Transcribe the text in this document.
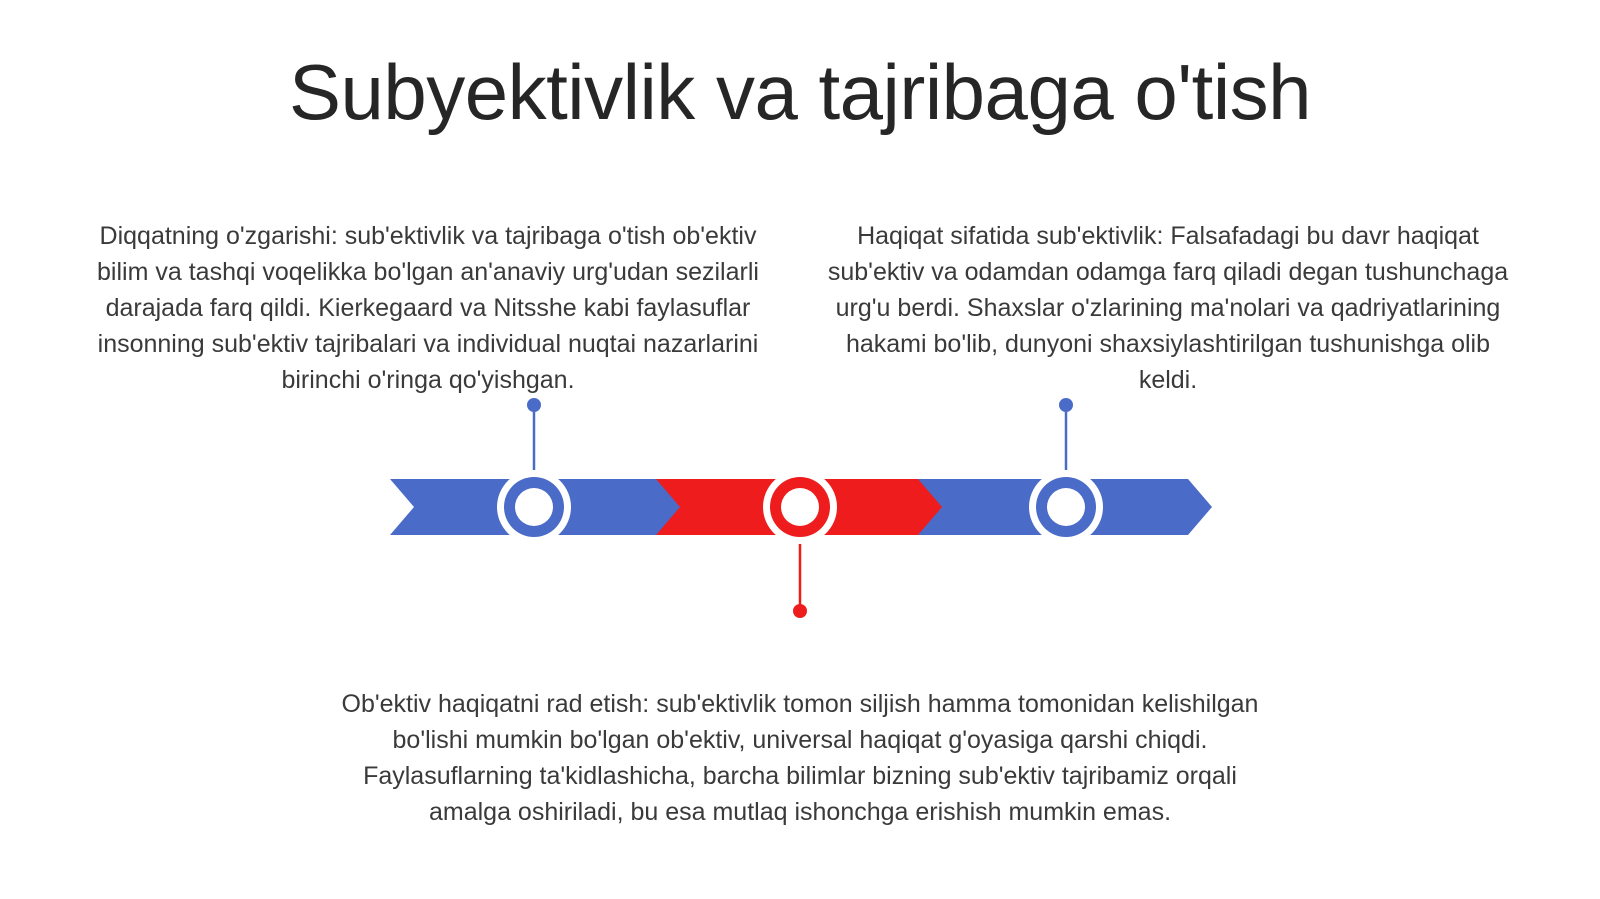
Subyektivlik va tajribaga o'tish

Diqqatning o'zgarishi: sub'ektivlik va tajribaga o'tish ob'ektiv bilim va tashqi voqelikka bo'lgan an'anaviy urg'udan sezilarli darajada farq qildi. Kierkegaard va Nitsshe kabi faylasuflar insonning sub'ektiv tajribalari va individual nuqtai nazarlarini birinchi o'ringa qo'yishgan.

Haqiqat sifatida sub'ektivlik: Falsafadagi bu davr haqiqat sub'ektiv va odamdan odamga farq qiladi degan tushunchaga urg'u berdi. Shaxslar o'zlarining ma'nolari va qadriyatlarining hakami bo'lib, dunyoni shaxsiylashtirilgan tushunishga olib keldi.

Ob'ektiv haqiqatni rad etish: sub'ektivlik tomon siljish hamma tomonidan kelishilgan bo'lishi mumkin bo'lgan ob'ektiv, universal haqiqat g'oyasiga qarshi chiqdi. Faylasuflarning ta'kidlashicha, barcha bilimlar bizning sub'ektiv tajribamiz orqali amalga oshiriladi, bu esa mutlaq ishonchga erishish mumkin emas.
